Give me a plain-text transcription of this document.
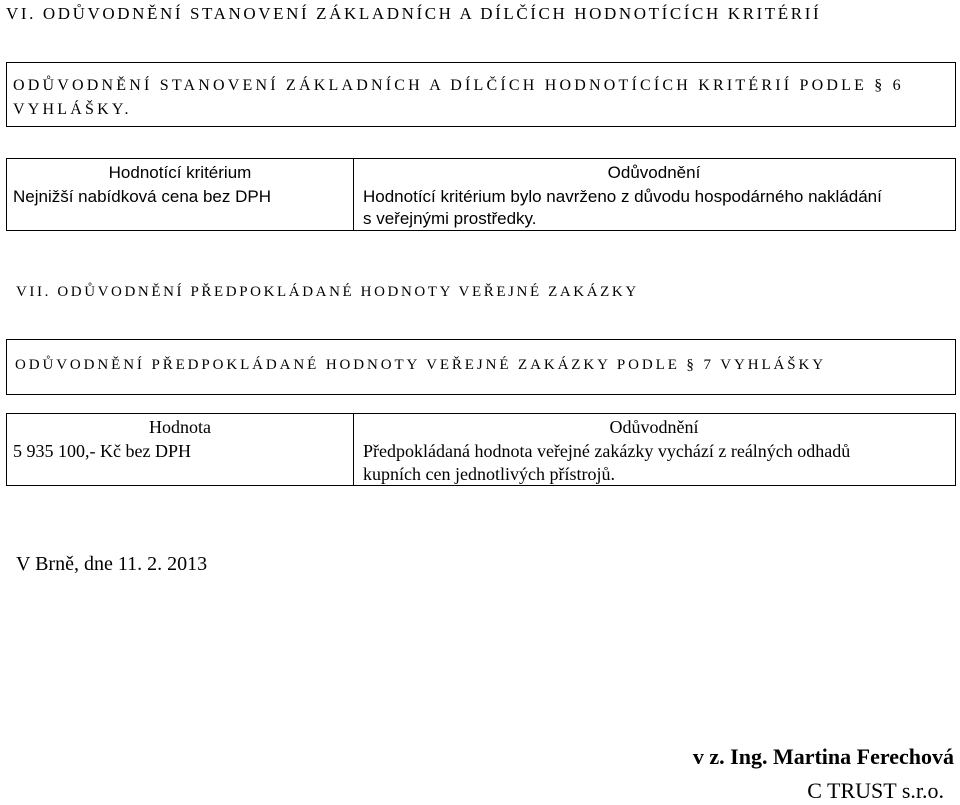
VI. ODŮVODNĚNÍ STANOVENÍ ZÁKLADNÍCH A DÍLČÍCH HODNOTÍCÍCH KRITÉRIÍ
ODŮVODNĚNÍ STANOVENÍ ZÁKLADNÍCH A DÍLČÍCH HODNOTÍCÍCH KRITÉRIÍ PODLE § 6
VYHLÁŠKY.
Hodnotící kritérium
Nejnižší nabídková cena bez DPH
Odůvodnění
Hodnotící kritérium bylo navrženo z důvodu hospodárného nakládání
s veřejnými prostředky.
VII. ODŮVODNĚNÍ PŘEDPOKLÁDANÉ HODNOTY VEŘEJNÉ ZAKÁZKY
ODŮVODNĚNÍ PŘEDPOKLÁDANÉ HODNOTY VEŘEJNÉ ZAKÁZKY PODLE § 7 VYHLÁŠKY
Hodnota
5 935 100,- Kč bez DPH
Odůvodnění
Předpokládaná hodnota veřejné zakázky vychází z reálných odhadů
kupních cen jednotlivých přístrojů.
V Brně, dne 11. 2. 2013
v z. Ing. Martina Ferechová
C TRUST s.r.o.
